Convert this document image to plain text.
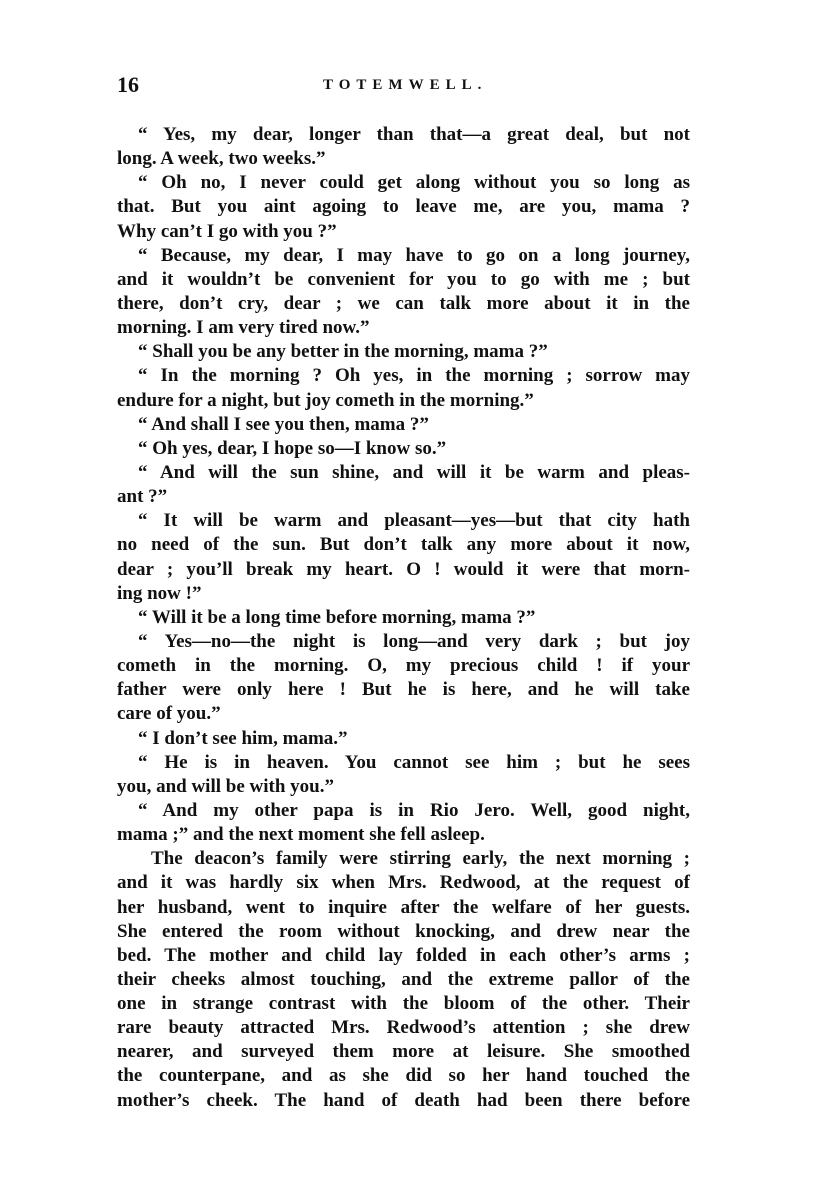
16	TOTEMWELL.
“ Yes, my dear, longer than that—a great deal, but not
long. A week, two weeks.”
“ Oh no, I never could get along without you so long as
that. But you aint agoing to leave me, are you, mama ?
Why can’t I go with you ?”
“ Because, my dear, I may have to go on a long journey,
and it wouldn’t be convenient for you to go with me ; but
there, don’t cry, dear ; we can talk more about it in the
morning. I am very tired now.”
“ Shall you be any better in the morning, mama ?”
“ In the morning ? Oh yes, in the morning ; sorrow may
endure for a night, but joy cometh in the morning.”
“ And shall I see you then, mama ?”
“ Oh yes, dear, I hope so—I know so.”
“ And will the sun shine, and will it be warm and pleas-
ant ?”
“ It will be warm and pleasant—yes—but that city hath
no need of the sun. But don’t talk any more about it now,
dear ; you’ll break my heart. O ! would it were that morn-
ing now !”
“ Will it be a long time before morning, mama ?”
“ Yes—no—the night is long—and very dark ; but joy
cometh in the morning. O, my precious child ! if your
father were only here ! But he is here, and he will take
care of you.”
“ I don’t see him, mama.”
“ He is in heaven. You cannot see him ; but he sees
you, and will be with you.”
“ And my other papa is in Rio Jero. Well, good night,
mama ;” and the next moment she fell asleep.
The deacon’s family were stirring early, the next morning ;
and it was hardly six when Mrs. Redwood, at the request of
her husband, went to inquire after the welfare of her guests.
She entered the room without knocking, and drew near the
bed. The mother and child lay folded in each other’s arms ;
their cheeks almost touching, and the extreme pallor of the
one in strange contrast with the bloom of the other. Their
rare beauty attracted Mrs. Redwood’s attention ; she drew
nearer, and surveyed them more at leisure. She smoothed
the counterpane, and as she did so her hand touched the
mother’s cheek. The hand of death had been there before
